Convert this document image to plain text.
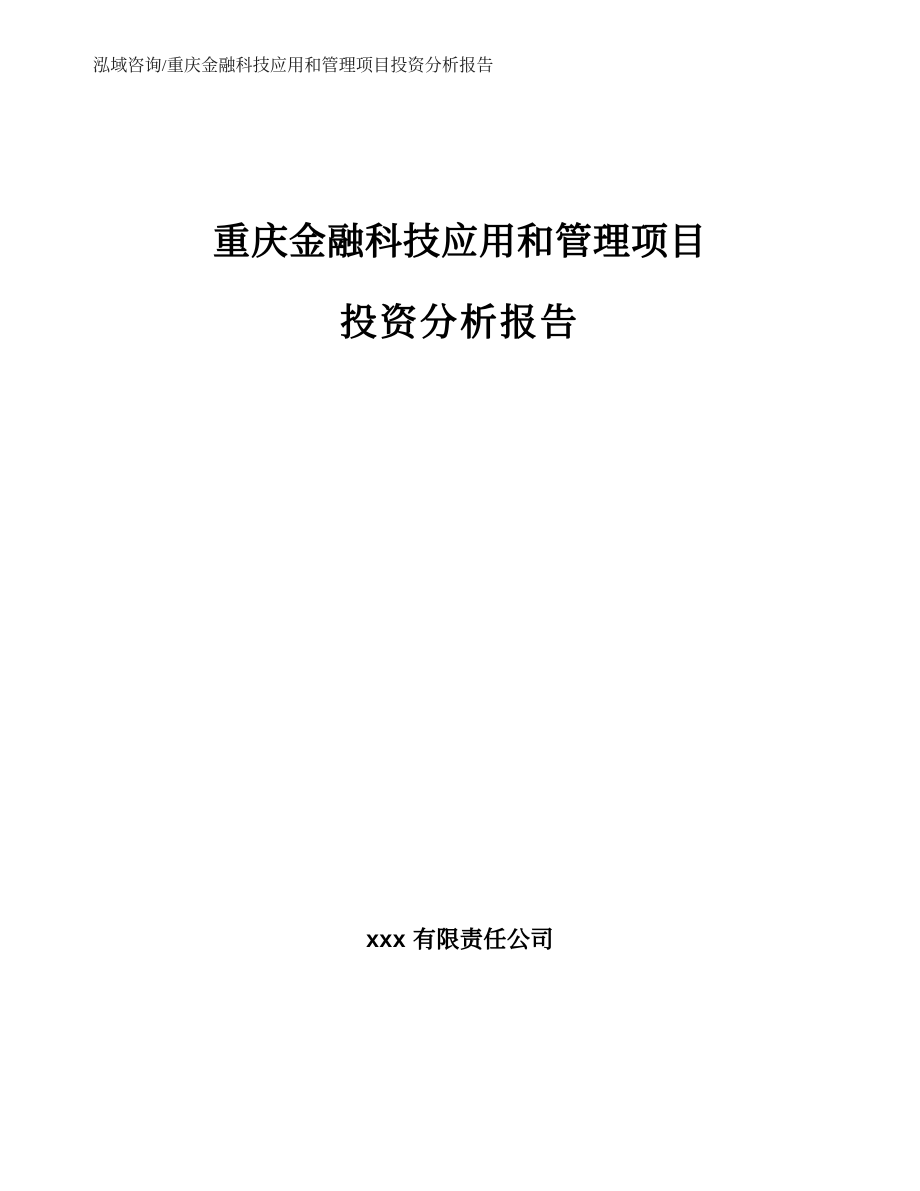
泓域咨询/重庆金融科技应用和管理项目投资分析报告
重庆金融科技应用和管理项目
投资分析报告
xxx 有限责任公司
